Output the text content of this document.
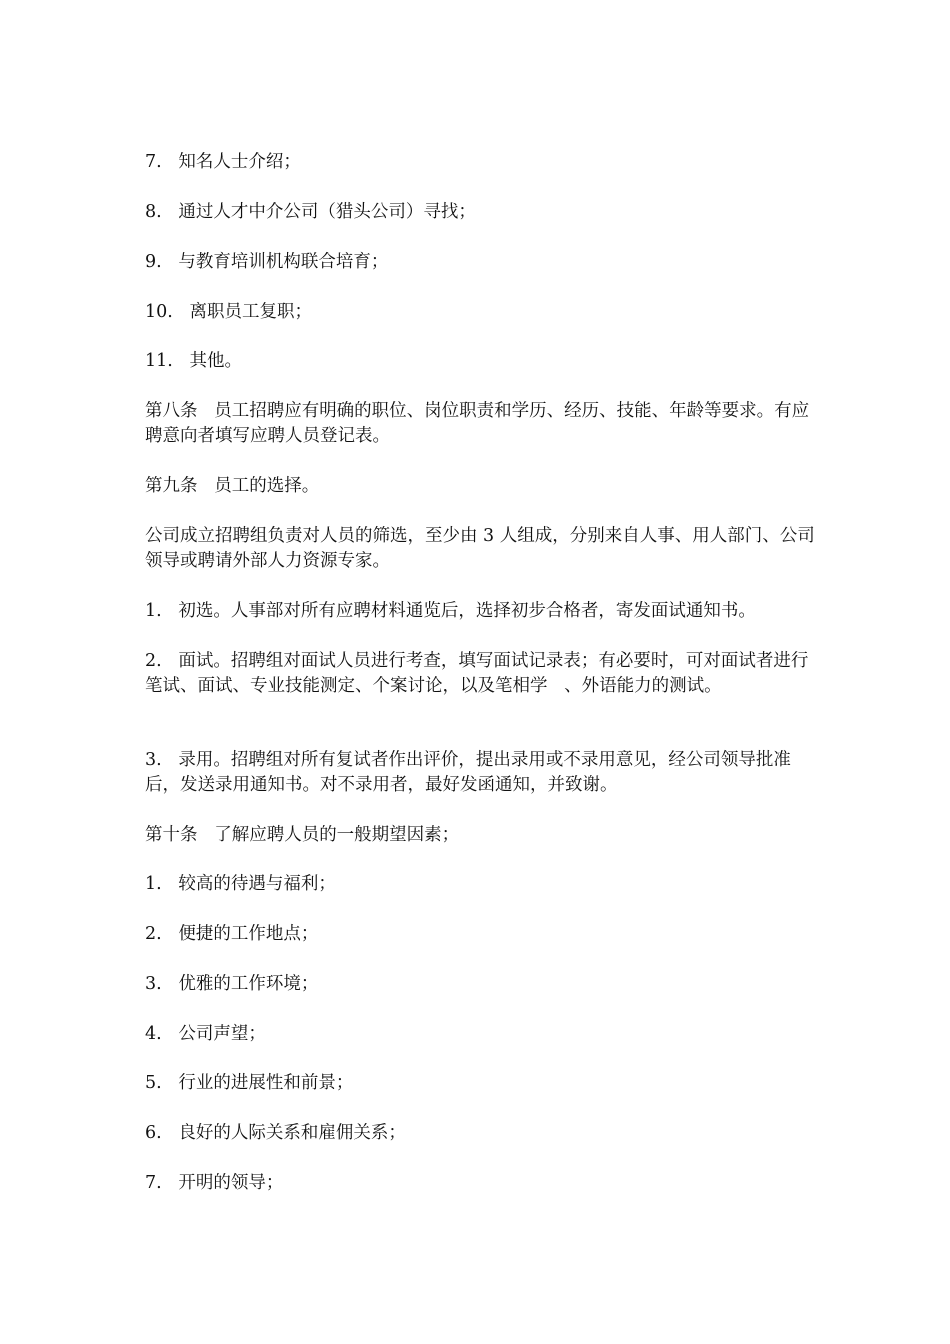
7.   知名人士介绍；

8.   通过人才中介公司（猎头公司）寻找；

9.   与教育培训机构联合培育；

10.   离职员工复职；

11.   其他。

第八条   员工招聘应有明确的职位、岗位职责和学历、经历、技能、年龄等要求。有应聘意向者填写应聘人员登记表。

第九条   员工的选择。

公司成立招聘组负责对人员的筛选，至少由 3 人组成，分别来自人事、用人部门、公司领导或聘请外部人力资源专家。

1.   初选。人事部对所有应聘材料通览后，选择初步合格者，寄发面试通知书。

2.   面试。招聘组对面试人员进行考查，填写面试记录表；有必要时，可对面试者进行笔试、面试、专业技能测定、个案讨论，以及笔相学   、外语能力的测试。

3.   录用。招聘组对所有复试者作出评价，提出录用或不录用意见，经公司领导批准后，发送录用通知书。对不录用者，最好发函通知，并致谢。

第十条   了解应聘人员的一般期望因素；

1.   较高的待遇与福利；

2.   便捷的工作地点；

3.   优雅的工作环境；

4.   公司声望；

5.   行业的进展性和前景；

6.   良好的人际关系和雇佣关系；

7.   开明的领导；
